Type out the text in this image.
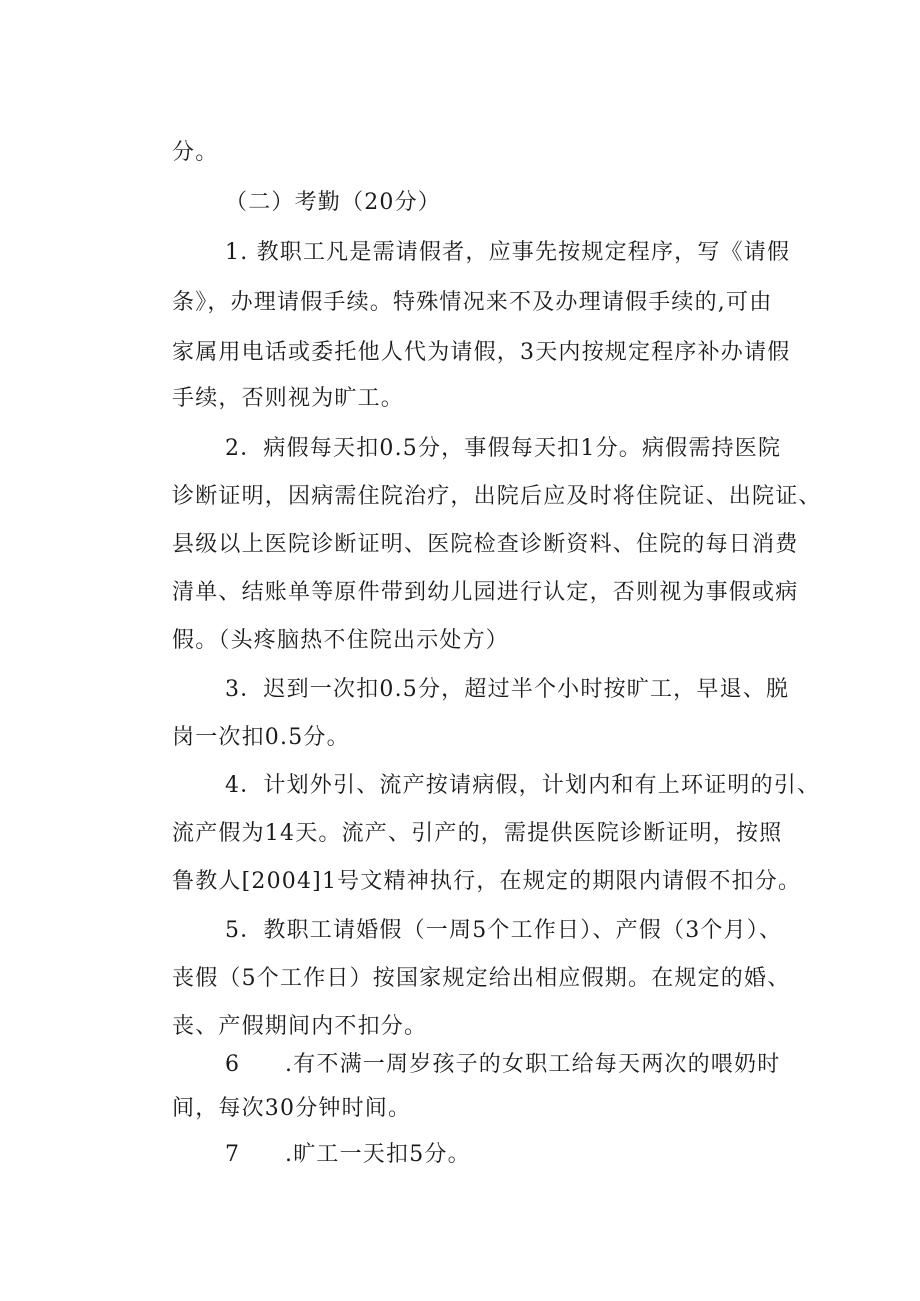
分。
（二）考勤（20分）
1. 教职工凡是需请假者，应事先按规定程序，写《请假
条》，办理请假手续。特殊情况来不及办理请假手续的,可由
家属用电话或委托他人代为请假，3天内按规定程序补办请假
手续，否则视为旷工。
2．病假每天扣0.5分，事假每天扣1分。病假需持医院
诊断证明，因病需住院治疗，出院后应及时将住院证、出院证、
县级以上医院诊断证明、医院检查诊断资料、住院的每日消费
清单、结账单等原件带到幼儿园进行认定，否则视为事假或病
假。（头疼脑热不住院出示处方）
3．迟到一次扣0.5分，超过半个小时按旷工，早退、脱
岗一次扣0.5分。
4．计划外引、流产按请病假，计划内和有上环证明的引、
流产假为14天。流产、引产的，需提供医院诊断证明，按照
鲁教人[2004]1号文精神执行，在规定的期限内请假不扣分。
5．教职工请婚假（一周5个工作日）、产假（3个月）、
丧假（5个工作日）按国家规定给出相应假期。在规定的婚、
丧、产假期间内不扣分。
6 .有不满一周岁孩子的女职工给每天两次的喂奶时
间，每次30分钟时间。
7 .旷工一天扣5分。
